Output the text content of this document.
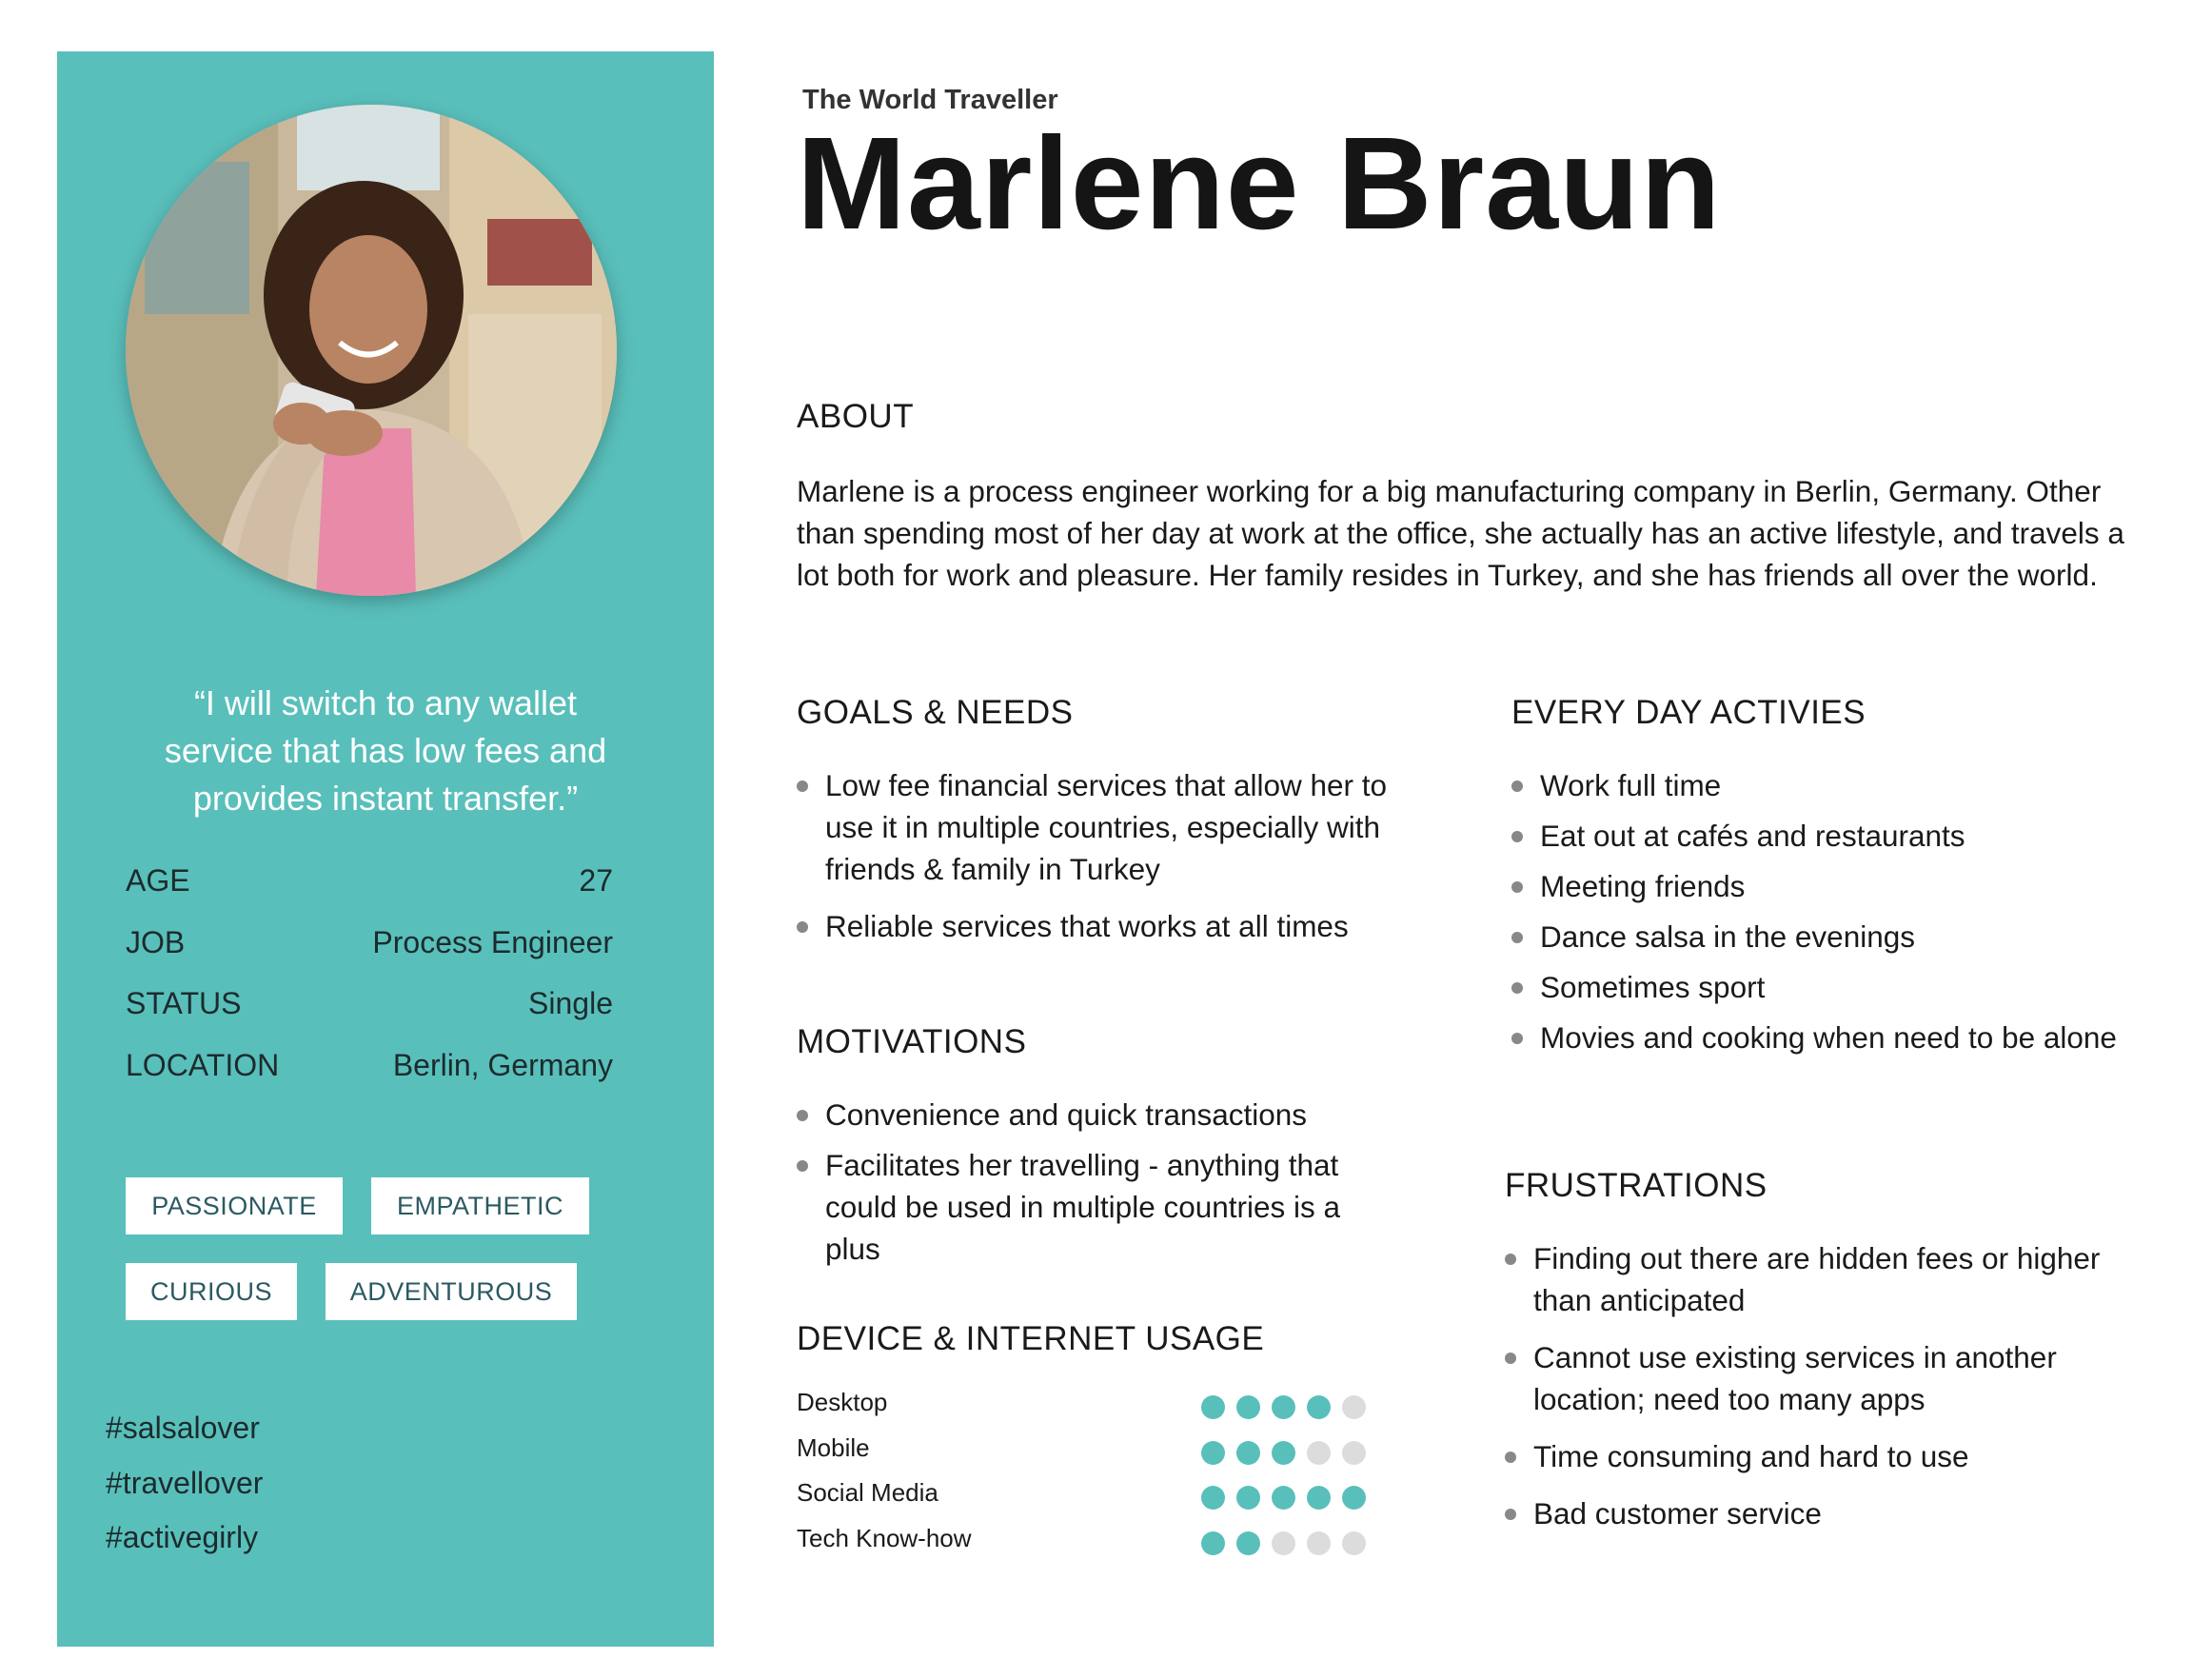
“I will switch to any wallet service that has low fees and provides instant transfer.”
AGE	27
JOB	Process Engineer
STATUS	Single
LOCATION	Berlin, Germany
PASSIONATE	EMPATHETIC
CURIOUS	ADVENTUROUS
#salsalover
#travellover
#activegirly
The World Traveller
Marlene Braun
ABOUT

Marlene is a process engineer working for a big manufacturing company in Berlin, Germany. Other than spending most of her day at work at the office, she actually has an active lifestyle, and travels a lot both for work and pleasure. Her family resides in Turkey, and she has friends all over the world.

GOALS & NEEDS
Low fee financial services that allow her to use it in multiple countries, especially with friends & family in Turkey
Reliable services that works at all times
MOTIVATIONS
Convenience and quick transactions
Facilitates her travelling - anything that could be used in multiple countries is a plus
DEVICE & INTERNET USAGE
Desktop
Mobile
Social Media
Tech Know-how
EVERY DAY ACTIVIES
Work full time
Eat out at cafés and restaurants
Meeting friends
Dance salsa in the evenings
Sometimes sport
Movies and cooking when need to be alone
FRUSTRATIONS
Finding out there are hidden fees or higher than anticipated
Cannot use existing services in another location; need too many apps
Time consuming and hard to use
Bad customer service
